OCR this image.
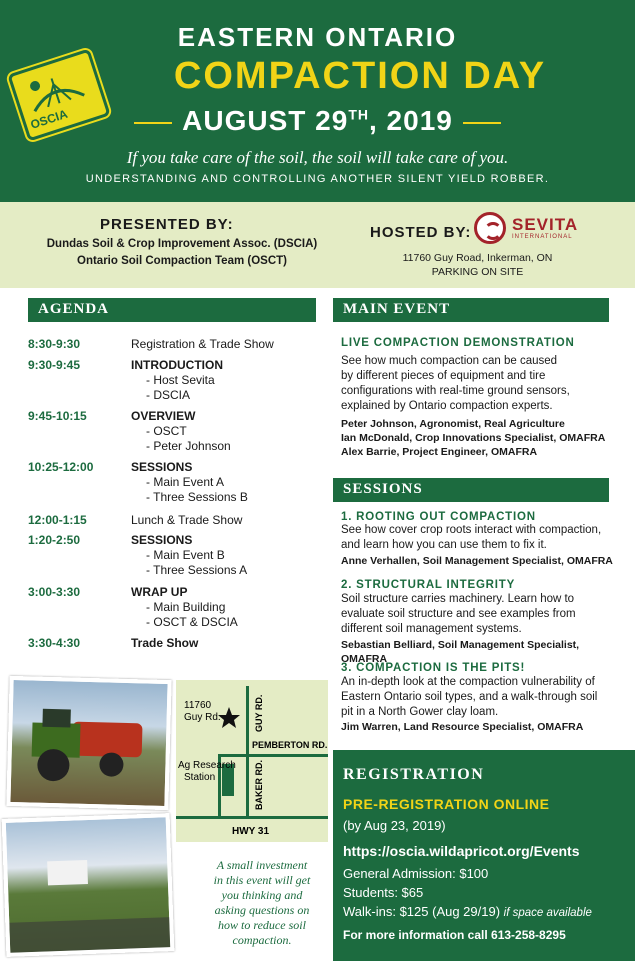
OSCIA
EASTERN ONTARIO
COMPACTION DAY
AUGUST 29TH, 2019
If you take care of the soil, the soil will take care of you.
UNDERSTANDING AND CONTROLLING ANOTHER SILENT YIELD ROBBER.
PRESENTED BY:
Dundas Soil & Crop Improvement Assoc. (DSCIA)
Ontario Soil Compaction Team (OSCT)
HOSTED BY: SEVITA
INTERNATIONAL
11760 Guy Road, Inkerman, ON
PARKING ON SITE
AGENDA
8:30-9:30	Registration & Trade Show
9:30-9:45	INTRODUCTION
- Host Sevita
- DSCIA
9:45-10:15	OVERVIEW
- OSCT
- Peter Johnson
10:25-12:00	SESSIONS
- Main Event A
- Three Sessions B
12:00-1:15	Lunch & Trade Show
1:20-2:50	SESSIONS
- Main Event B
- Three Sessions A
3:00-3:30	WRAP UP
- Main Building
- OSCT & DSCIA
3:30-4:30	Trade Show
MAIN EVENT
LIVE COMPACTION DEMONSTRATION
See how much compaction can be caused
by different pieces of equipment and tire
configurations with real-time ground sensors,
explained by Ontario compaction experts.
Peter Johnson, Agronomist, Real Agriculture
Ian McDonald, Crop Innovations Specialist, OMAFRA
Alex Barrie, Project Engineer, OMAFRA
SESSIONS
1. ROOTING OUT COMPACTION
See how cover crop roots interact with compaction,
and learn how you can use them to fix it.
Anne Verhallen, Soil Management Specialist, OMAFRA
2. STRUCTURAL INTEGRITY
Soil structure carries machinery. Learn how to
evaluate soil structure and see examples from
different soil management systems.
Sebastian Belliard, Soil Management Specialist, OMAFRA
3. COMPACTION IS THE PITS!
An in-depth look at the compaction vulnerability of
Eastern Ontario soil types, and a walk-through soil
pit in a North Gower clay loam.
Jim Warren, Land Resource Specialist, OMAFRA
11760
Guy Rd.	GUY RD.
PEMBERTON RD.
Ag Research
Station	BAKER RD.
HWY 31
A small investment
in this event will get
you thinking and
asking questions on
how to reduce soil
compaction.
REGISTRATION
PRE-REGISTRATION ONLINE
(by Aug 23, 2019)
https://oscia.wildapricot.org/Events
General Admission: $100
Students: $65
Walk-ins: $125 (Aug 29/19) if space available
For more information call 613-258-8295
